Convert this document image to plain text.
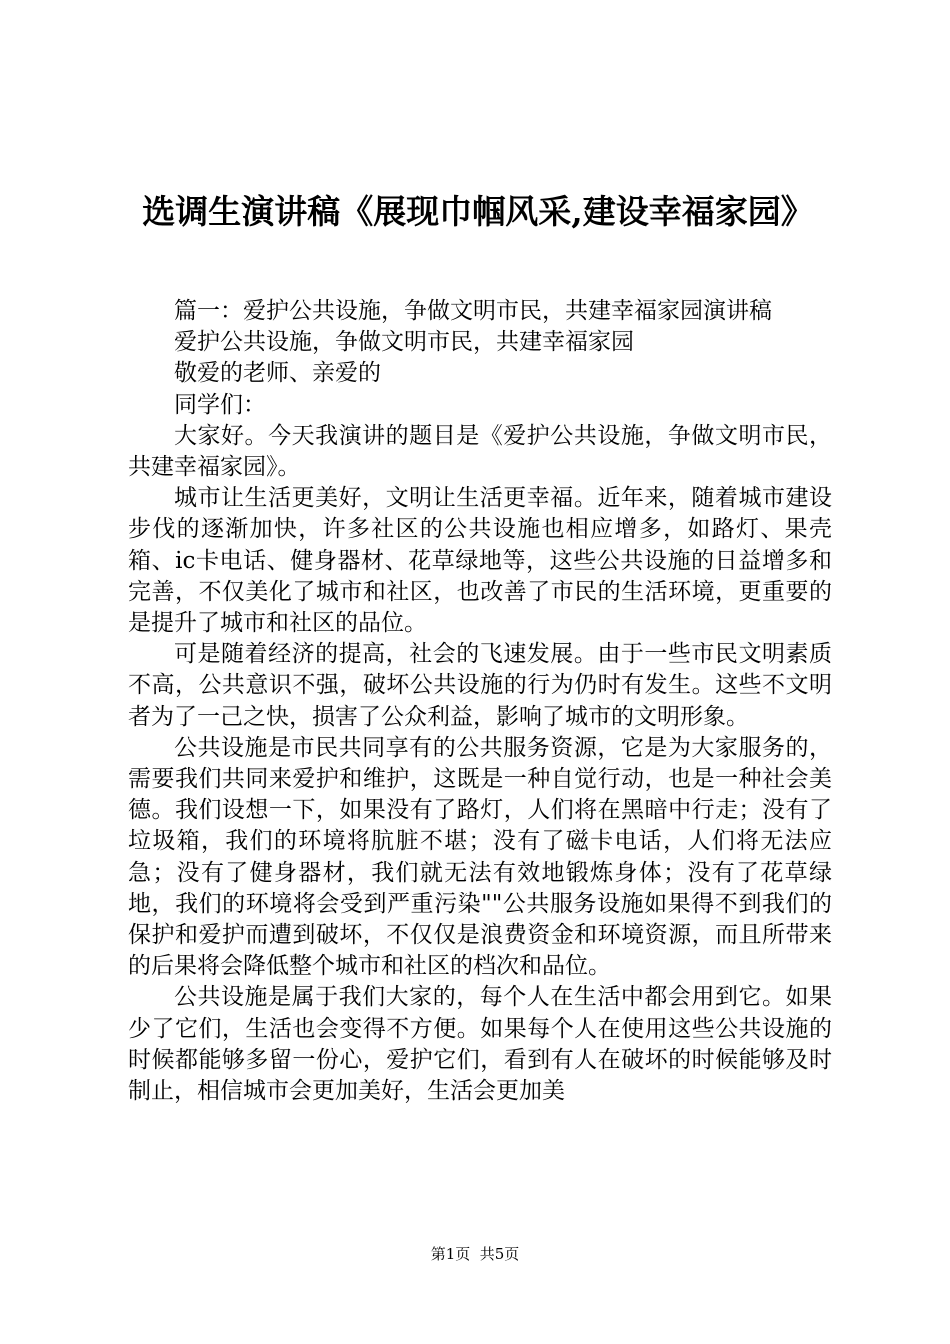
选调生演讲稿《展现巾帼风采,建设幸福家园》

篇一：爱护公共设施，争做文明市民，共建幸福家园演讲稿

爱护公共设施，争做文明市民，共建幸福家园

敬爱的老师、亲爱的

同学们：

大家好。今天我演讲的题目是《爱护公共设施，争做文明市民，共建幸福家园》。

城市让生活更美好，文明让生活更幸福。近年来，随着城市建设步伐的逐渐加快，许多社区的公共设施也相应增多，如路灯、果壳箱、ic卡电话、健身器材、花草绿地等，这些公共设施的日益增多和完善，不仅美化了城市和社区，也改善了市民的生活环境，更重要的是提升了城市和社区的品位。

可是随着经济的提高，社会的飞速发展。由于一些市民文明素质不高，公共意识不强，破坏公共设施的行为仍时有发生。这些不文明者为了一己之快，损害了公众利益，影响了城市的文明形象。

公共设施是市民共同享有的公共服务资源，它是为大家服务的，需要我们共同来爱护和维护，这既是一种自觉行动，也是一种社会美德。我们设想一下，如果没有了路灯，人们将在黑暗中行走；没有了垃圾箱，我们的环境将肮脏不堪；没有了磁卡电话，人们将无法应急；没有了健身器材，我们就无法有效地锻炼身体；没有了花草绿地，我们的环境将会受到严重污染""公共服务设施如果得不到我们的保护和爱护而遭到破坏，不仅仅是浪费资金和环境资源，而且所带来的后果将会降低整个城市和社区的档次和品位。

公共设施是属于我们大家的，每个人在生活中都会用到它。如果少了它们，生活也会变得不方便。如果每个人在使用这些公共设施的时候都能够多留一份心，爱护它们，看到有人在破坏的时候能够及时制止，相信城市会更加美好，生活会更加美

第1页  共5页
